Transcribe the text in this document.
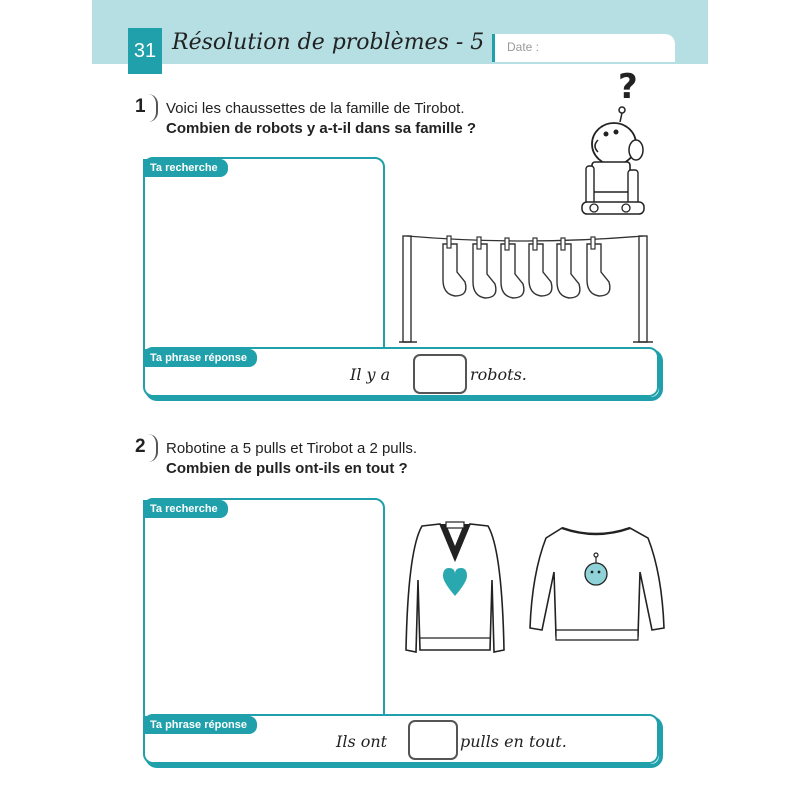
31 Résolution de problèmes - 5 Date :
1 Voici les chaussettes de la famille de Tirobot.
Combien de robots y a-t-il dans sa famille ?
Ta recherche
Ta phrase réponse
Il y a	robots.
?
2 Robotine a 5 pulls et Tirobot a 2 pulls.
Combien de pulls ont-ils en tout ?
Ta recherche
Ta phrase réponse
Ils ont	pulls en tout.
